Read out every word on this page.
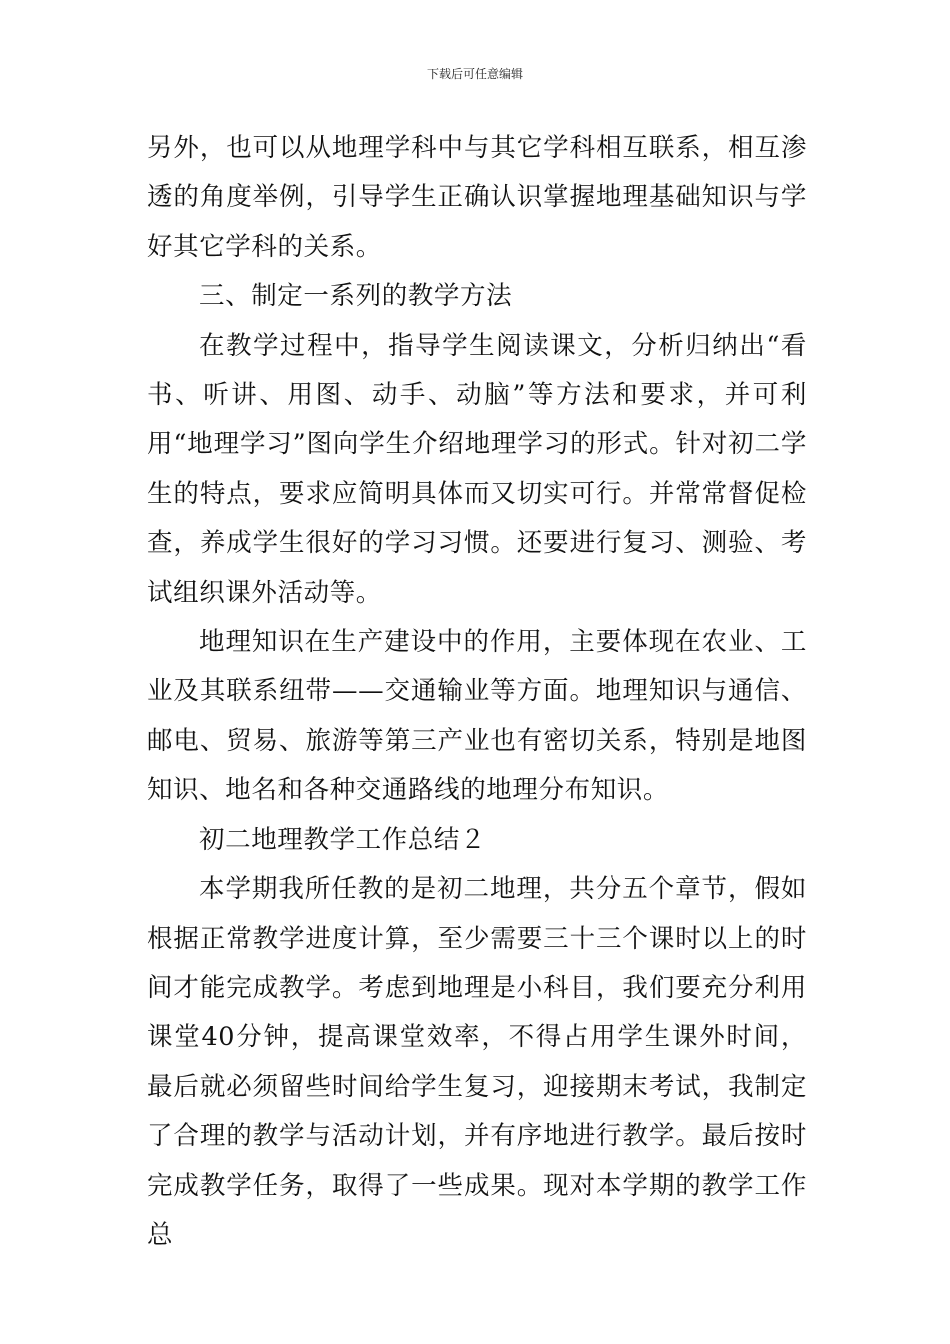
下载后可任意编辑

另外，也可以从地理学科中与其它学科相互联系，相互渗透的角度举例，引导学生正确认识掌握地理基础知识与学好其它学科的关系。

三、制定一系列的教学方法

在教学过程中，指导学生阅读课文，分析归纳出“看书、听讲、用图、动手、动脑”等方法和要求，并可利用“地理学习”图向学生介绍地理学习的形式。针对初二学生的特点，要求应简明具体而又切实可行。并常常督促检查，养成学生很好的学习习惯。还要进行复习、测验、考试组织课外活动等。

地理知识在生产建设中的作用，主要体现在农业、工业及其联系纽带——交通输业等方面。地理知识与通信、邮电、贸易、旅游等第三产业也有密切关系，特别是地图知识、地名和各种交通路线的地理分布知识。

初二地理教学工作总结２

本学期我所任教的是初二地理，共分五个章节，假如根据正常教学进度计算，至少需要三十三个课时以上的时间才能完成教学。考虑到地理是小科目，我们要充分利用课堂40分钟，提高课堂效率，不得占用学生课外时间，最后就必须留些时间给学生复习，迎接期末考试，我制定了合理的教学与活动计划，并有序地进行教学。最后按时完成教学任务，取得了一些成果。现对本学期的教学工作总
